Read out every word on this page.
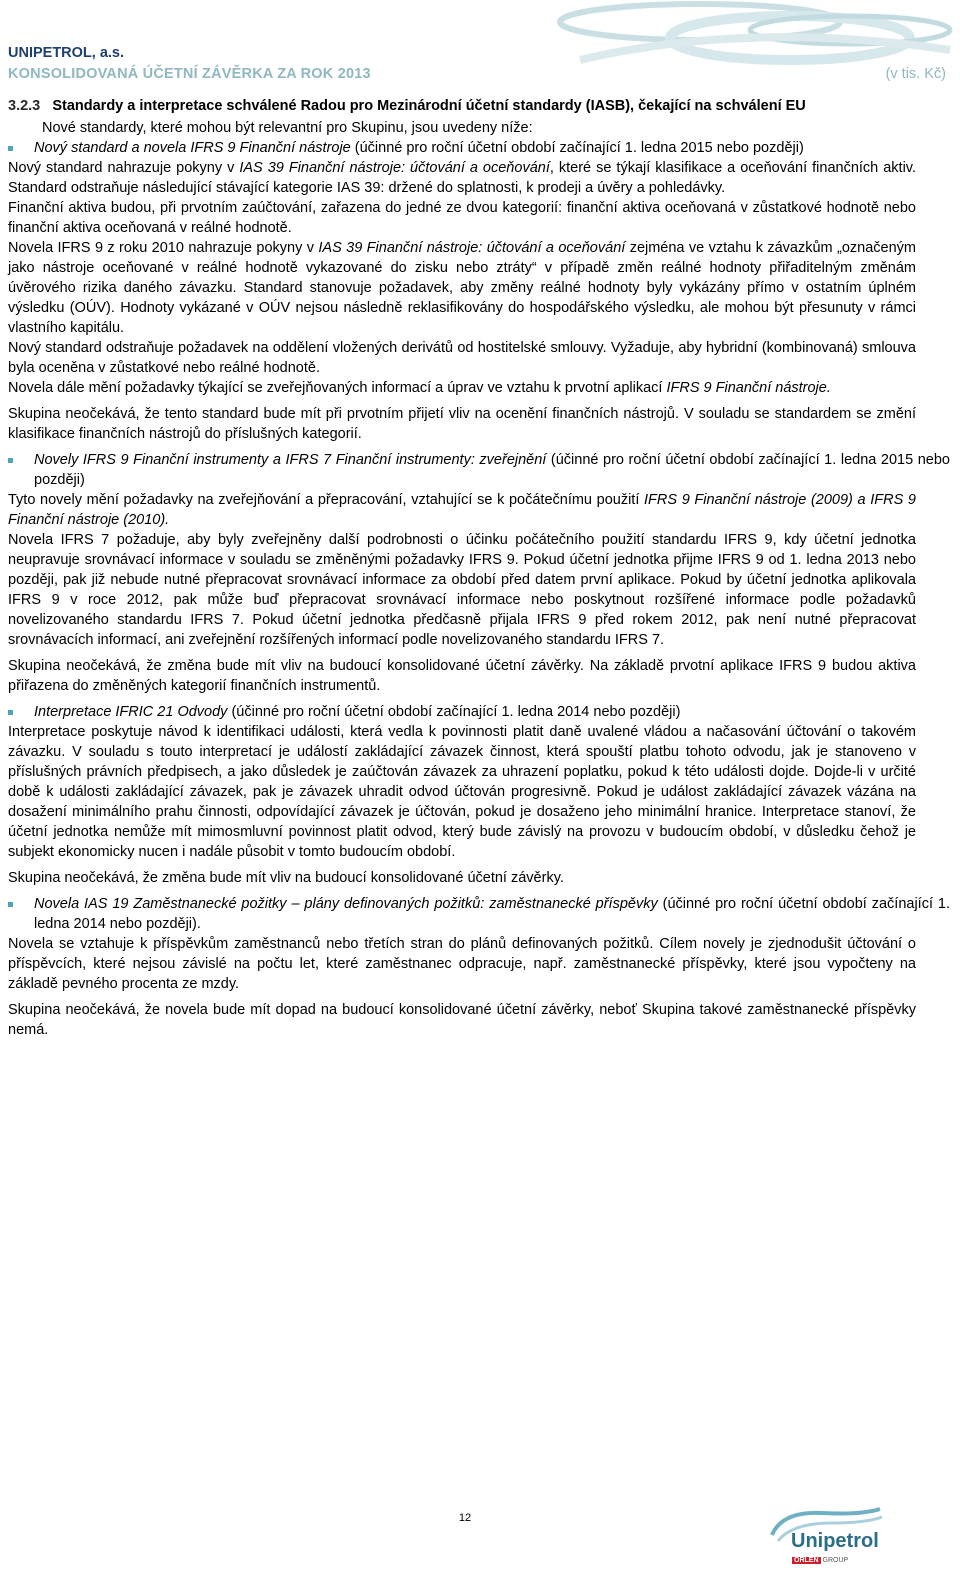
UNIPETROL, a.s.
KONSOLIDOVANÁ ÚČETNÍ ZÁVĚRKA ZA ROK 2013	(v tis. Kč)
3.2.3 Standardy a interpretace schválené Radou pro Mezinárodní účetní standardy (IASB), čekající na schválení EU

Nové standardy, které mohou být relevantní pro Skupinu, jsou uvedeny níže:

Nový standard a novela IFRS 9 Finanční nástroje (účinné pro roční účetní období začínající 1. ledna 2015 nebo později)

Nový standard nahrazuje pokyny v IAS 39 Finanční nástroje: účtování a oceňování, které se týkají klasifikace a oceňování finančních aktiv. Standard odstraňuje následující stávající kategorie IAS 39: držené do splatnosti, k prodeji a úvěry a pohledávky.

Finanční aktiva budou, při prvotním zaúčtování, zařazena do jedné ze dvou kategorií: finanční aktiva oceňovaná v zůstatkové hodnotě nebo finanční aktiva oceňovaná v reálné hodnotě.

Novela IFRS 9 z roku 2010 nahrazuje pokyny v IAS 39 Finanční nástroje: účtování a oceňování zejména ve vztahu k závazkům „označeným jako nástroje oceňované v reálné hodnotě vykazované do zisku nebo ztráty“ v případě změn reálné hodnoty přiřaditelným změnám úvěrového rizika daného závazku. Standard stanovuje požadavek, aby změny reálné hodnoty byly vykázány přímo v ostatním úplném výsledku (OÚV). Hodnoty vykázané v OÚV nejsou následně reklasifikovány do hospodářského výsledku, ale mohou být přesunuty v rámci vlastního kapitálu.

Nový standard odstraňuje požadavek na oddělení vložených derivátů od hostitelské smlouvy. Vyžaduje, aby hybridní (kombinovaná) smlouva byla oceněna v zůstatkové nebo reálné hodnotě.

Novela dále mění požadavky týkající se zveřejňovaných informací a úprav ve vztahu k prvotní aplikací IFRS 9 Finanční nástroje.

Skupina neočekává, že tento standard bude mít při prvotním přijetí vliv na ocenění finančních nástrojů. V souladu se standardem se změní klasifikace finančních nástrojů do příslušných kategorií.

Novely IFRS 9 Finanční instrumenty a IFRS 7 Finanční instrumenty: zveřejnění (účinné pro roční účetní období začínající 1. ledna 2015 nebo později)

Tyto novely mění požadavky na zveřejňování a přepracování, vztahující se k počátečnímu použití IFRS 9 Finanční nástroje (2009) a IFRS 9 Finanční nástroje (2010).

Novela IFRS 7 požaduje, aby byly zveřejněny další podrobnosti o účinku počátečního použití standardu IFRS 9, kdy účetní jednotka neupravuje srovnávací informace v souladu se změněnými požadavky IFRS 9. Pokud účetní jednotka přijme IFRS 9 od 1. ledna 2013 nebo později, pak již nebude nutné přepracovat srovnávací informace za období před datem první aplikace. Pokud by účetní jednotka aplikovala IFRS 9 v roce 2012, pak může buď přepracovat srovnávací informace nebo poskytnout rozšířené informace podle požadavků novelizovaného standardu IFRS 7. Pokud účetní jednotka předčasně přijala IFRS 9 před rokem 2012, pak není nutné přepracovat srovnávacích informací, ani zveřejnění rozšířených informací podle novelizovaného standardu IFRS 7.

Skupina neočekává, že změna bude mít vliv na budoucí konsolidované účetní závěrky. Na základě prvotní aplikace IFRS 9 budou aktiva přiřazena do změněných kategorií finančních instrumentů.

Interpretace IFRIC 21 Odvody (účinné pro roční účetní období začínající 1. ledna 2014 nebo později)

Interpretace poskytuje návod k identifikaci události, která vedla k povinnosti platit daně uvalené vládou a načasování účtování o takovém závazku. V souladu s touto interpretací je událostí zakládající závazek činnost, která spouští platbu tohoto odvodu, jak je stanoveno v příslušných právních předpisech, a jako důsledek je zaúčtován závazek za uhrazení poplatku, pokud k této události dojde. Dojde-li v určité době k události zakládající závazek, pak je závazek uhradit odvod účtován progresivně. Pokud je událost zakládající závazek vázána na dosažení minimálního prahu činnosti, odpovídající závazek je účtován, pokud je dosaženo jeho minimální hranice. Interpretace stanoví, že účetní jednotka nemůže mít mimosmluvní povinnost platit odvod, který bude závislý na provozu v budoucím období, v důsledku čehož je subjekt ekonomicky nucen i nadále působit v tomto budoucím období.

Skupina neočekává, že změna bude mít vliv na budoucí konsolidované účetní závěrky.

Novela IAS 19 Zaměstnanecké požitky – plány definovaných požitků: zaměstnanecké příspěvky (účinné pro roční účetní období začínající 1. ledna 2014 nebo později).

Novela se vztahuje k příspěvkům zaměstnanců nebo třetích stran do plánů definovaných požitků. Cílem novely je zjednodušit účtování o příspěvcích, které nejsou závislé na počtu let, které zaměstnanec odpracuje, např. zaměstnanecké příspěvky, které jsou vypočteny na základě pevného procenta ze mzdy.

Skupina neočekává, že novela bude mít dopad na budoucí konsolidované účetní závěrky, neboť Skupina takové zaměstnanecké příspěvky nemá.

12
Unipetrol
ORLEN GROUP
